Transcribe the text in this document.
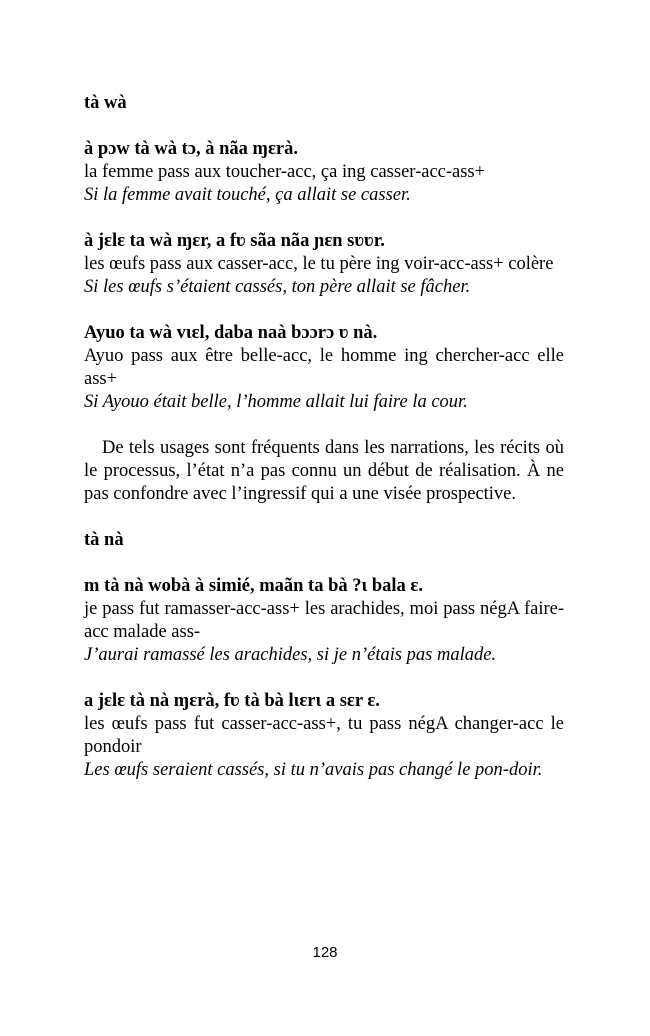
tà wà

à pɔw tà wà tɔ, à nãa ɱɛrà.

la femme pass aux toucher-acc, ça ing casser-acc-ass+

Si la femme avait touché, ça allait se casser.

à jɛlɛ ta wà ɱɛr, a fʋ sãa nãa ɲɛn sʋʋr.

les œufs pass aux casser-acc, le tu père ing voir-acc-ass+ colère

Si les œufs s’étaient cassés, ton père allait se fâcher.

Ayuo ta wà vɩɛl, daba naà bɔɔrɔ ʋ nà.

Ayuo pass aux être belle-acc, le homme ing chercher-acc elle ass+

Si Ayouo était belle, l’homme allait lui faire la cour.

De tels usages sont fréquents dans les narrations, les récits où le processus, l’état n’a pas connu un début de réalisation. À ne pas confondre avec l’ingressif qui a une visée prospective.

tà nà

m tà nà wobà à simié, maãn ta bà ?ɩ bala ɛ.

je pass fut ramasser-acc-ass+ les arachides, moi pass négA faire-acc malade ass-

J’aurai ramassé les arachides, si je n’étais pas malade.

a jɛlɛ tà nà ɱɛrà, fʋ tà bà lɩɛrɩ a sɛr ɛ.

les œufs pass fut casser-acc-ass+, tu pass négA changer-acc le pondoir

Les œufs seraient cassés, si tu n’avais pas changé le pon-doir.

128
